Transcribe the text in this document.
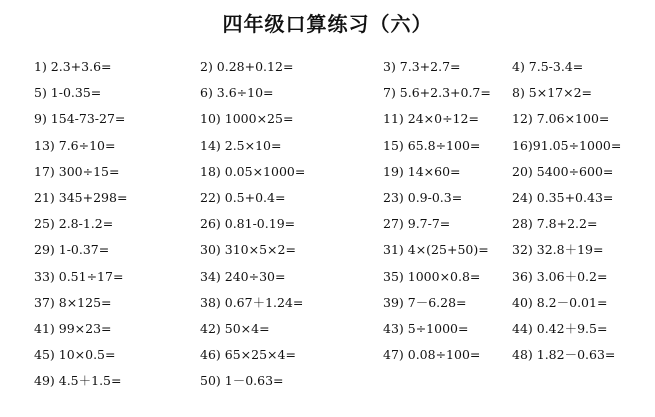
四年级口算练习（六）
1) 2.3+3.6=	2) 0.28+0.12=	3) 7.3+2.7=	4) 7.5-3.4=
5) 1-0.35=	6) 3.6÷10=	7) 5.6+2.3+0.7= 8) 5×17×2=
9) 154-73-27=	10) 1000×25=	11) 24×0÷12=	12) 7.06×100=
13) 7.6÷10=	14) 2.5×10=	15) 65.8÷100=	16)91.05÷1000=
17) 300÷15=	18) 0.05×1000=	19) 14×60=	20) 5400÷600=
21) 345+298=	22) 0.5+0.4=	23) 0.9-0.3=	24) 0.35+0.43=
25) 2.8-1.2=	26) 0.81-0.19=	27) 9.7-7=	28) 7.8+2.2=
29) 1-0.37=	30) 310×5×2=	31) 4×(25+50)= 32) 32.8＋19=
33) 0.51÷17=	34) 240÷30=	35) 1000×0.8=	36) 3.06＋0.2=
37) 8×125=	38) 0.67＋1.24=	39) 7－6.28=	40) 8.2－0.01=
41) 99×23=	42) 50×4=	43) 5÷1000=	44) 0.42＋9.5=
45) 10×0.5=	46) 65×25×4=	47) 0.08÷100=	48) 1.82－0.63=
49) 4.5＋1.5=	50) 1－0.63=
